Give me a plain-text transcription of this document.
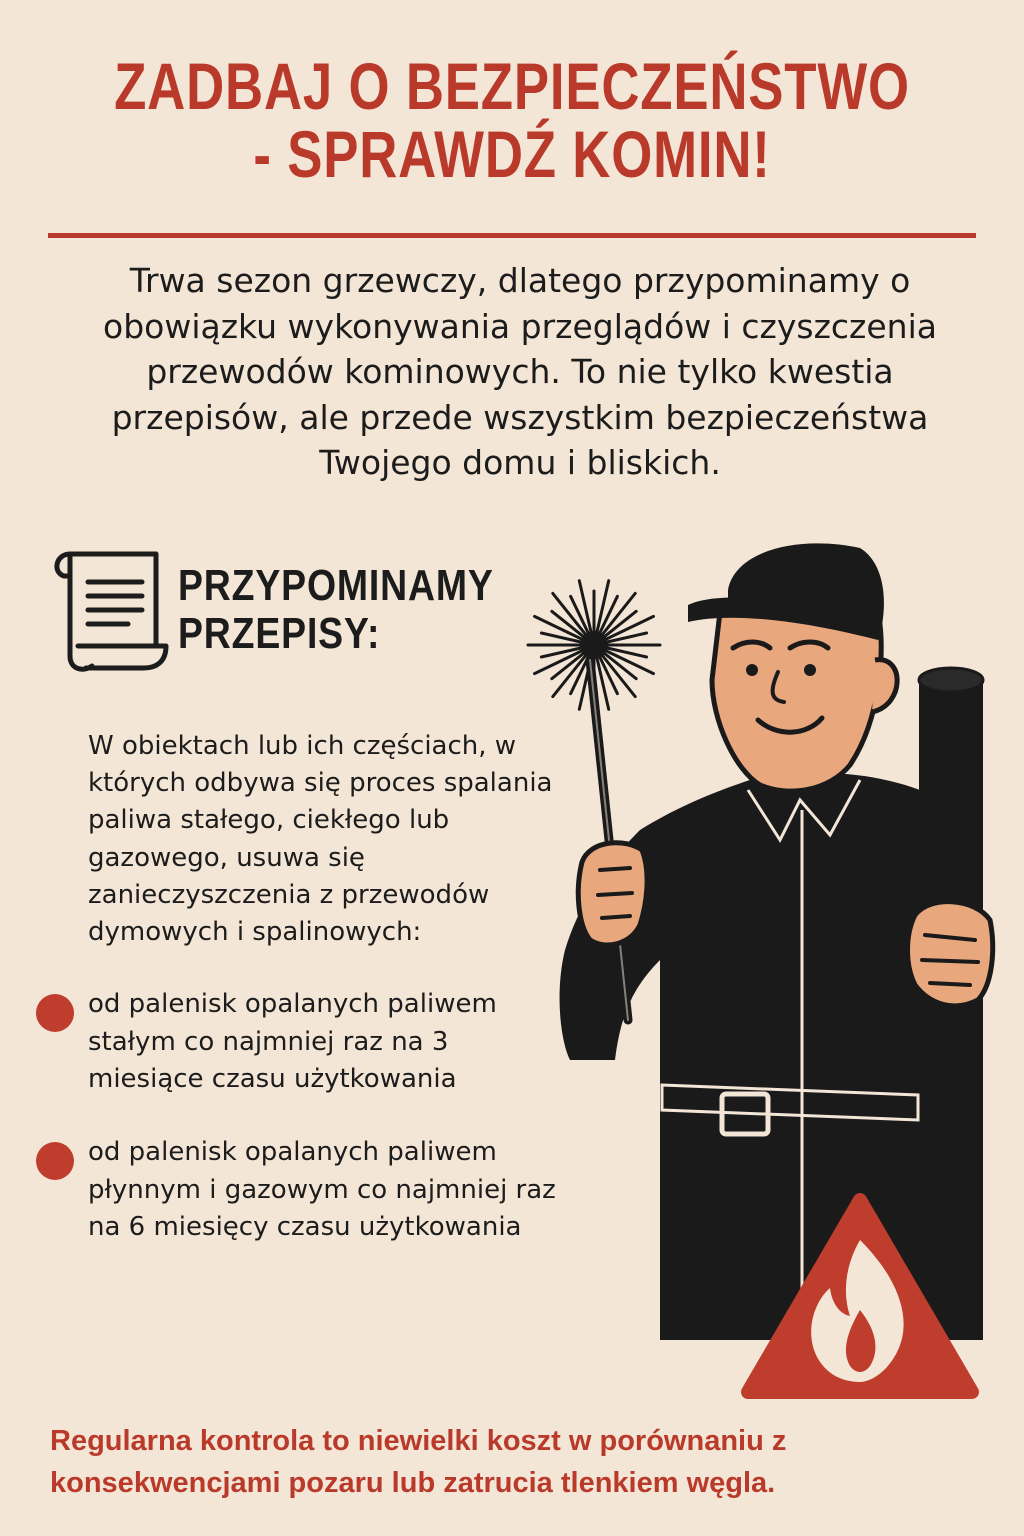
ZADBAJ O BEZPIECZEŃSTWO
- SPRAWDŹ KOMIN!

Trwa sezon grzewczy, dlatego przypominamy o obowiązku wykonywania przeglądów i czyszczenia przewodów kominowych. To nie tylko kwestia przepisów, ale przede wszystkim bezpieczeństwa Twojego domu i bliskich.

PRZYPOMINAMY
PRZEPISY:

W obiektach lub ich częściach, w których odbywa się proces spalania paliwa stałego, ciekłego lub gazowego, usuwa się zanieczyszczenia z przewodów dymowych i spalinowych:

od palenisk opalanych paliwem stałym co najmniej raz na 3 miesiące czasu użytkowania
od palenisk opalanych paliwem płynnym i gazowym co najmniej raz na 6 miesięcy czasu użytkowania

Regularna kontrola to niewielki koszt w porównaniu z konsekwencjami pozaru lub zatrucia tlenkiem węgla.
